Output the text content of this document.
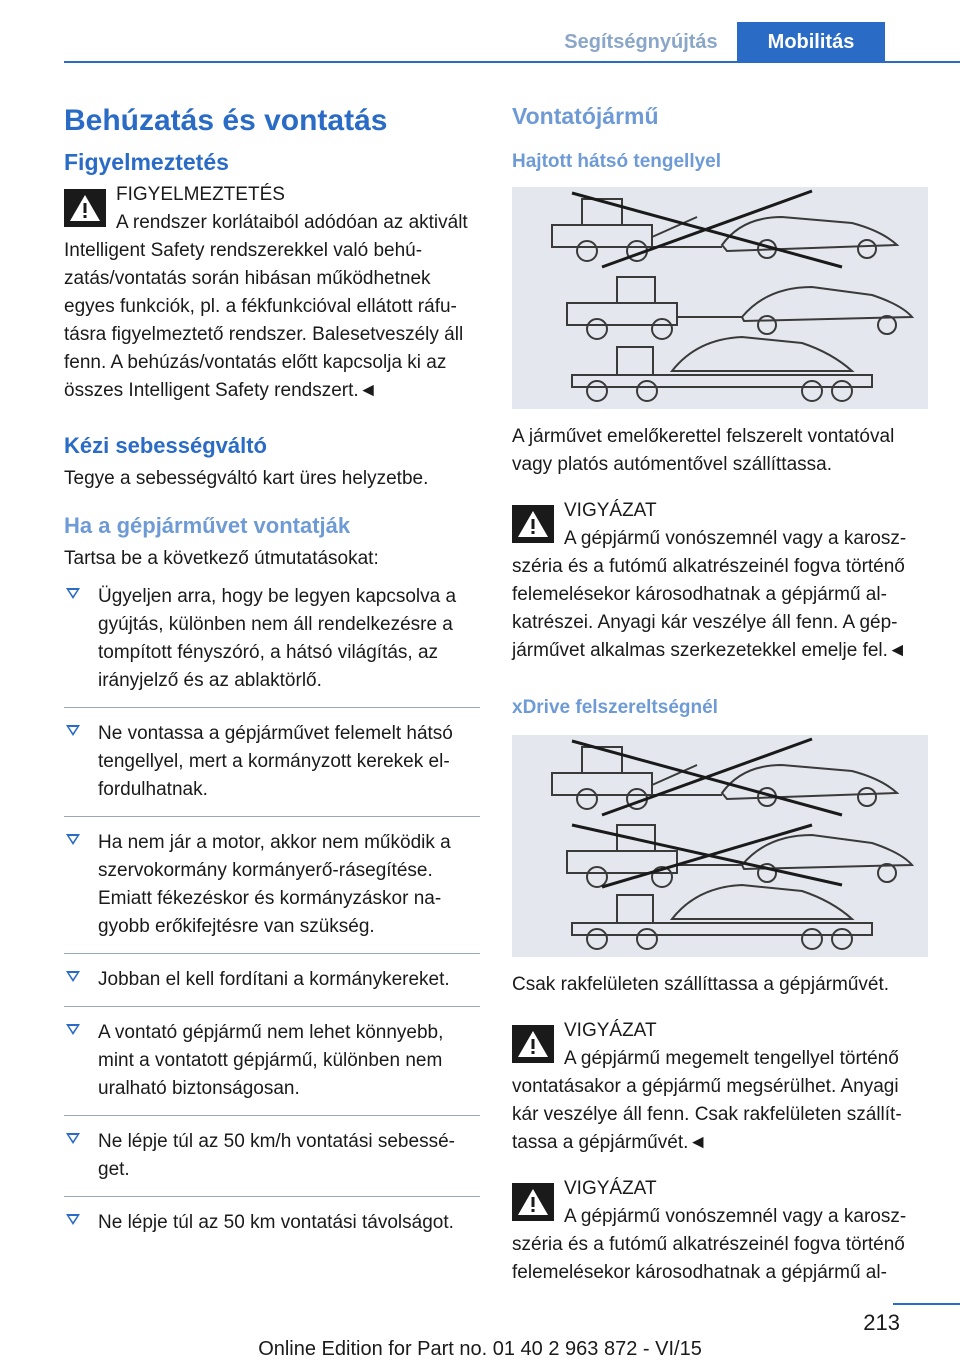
Segítségnyújtás	Mobilitás
Behúzatás és vontatás
Figyelmeztetés
FIGYELMEZTETÉS
A rendszer korlátaiból adódóan az aktivált Intelligent Safety rendszerekkel való behúzatás/vontatás során hibásan működhetnek egyes funkciók, pl. a fékfunkcióval ellátott ráfutásra figyelmeztető rendszer. Balesetveszély áll fenn. A behúzás/vontatás előtt kapcsolja ki az összes Intelligent Safety rendszert.◄
Kézi sebességváltó
Tegye a sebességváltó kart üres helyzetbe.
Ha a gépjárművet vontatják
Tartsa be a következő útmutatásokat:
Ügyeljen arra, hogy be legyen kapcsolva a gyújtás, különben nem áll rendelkezésre a tompított fényszóró, a hátsó világítás, az irányjelző és az ablaktörlő.
Ne vontassa a gépjárművet felemelt hátsó tengellyel, mert a kormányzott kerekek elfordulhatnak.
Ha nem jár a motor, akkor nem működik a szervokormány kormányerő-rásegítése. Emiatt fékezéskor és kormányzáskor nagyobb erőkifejtésre van szükség.
Jobban el kell fordítani a kormánykereket.
A vontató gépjármű nem lehet könnyebb, mint a vontatott gépjármű, különben nem uralható biztonságosan.
Ne lépje túl az 50 km/h vontatási sebességet.
Ne lépje túl az 50 km vontatási távolságot.
Vontatójármű
Hajtott hátsó tengellyel
A járművet emelőkerettel felszerelt vontatóval vagy platós autómentővel szállíttassa.
VIGYÁZAT
A gépjármű vonószemnél vagy a karoszszéria és a futómű alkatrészeinél fogva történő felemelésekor károsodhatnak a gépjármű alkatrészei. Anyagi kár veszélye áll fenn. A gépjárművet alkalmas szerkezetekkel emelje fel.◄
xDrive felszereltségnél
Csak rakfelületen szállíttassa a gépjárművét.
VIGYÁZAT
A gépjármű megemelt tengellyel történő vontatásakor a gépjármű megsérülhet. Anyagi kár veszélye áll fenn. Csak rakfelületen szállíttassa a gépjárművét.◄
VIGYÁZAT
A gépjármű vonószemnél vagy a karoszszéria és a futómű alkatrészeinél fogva történő felemelésekor károsodhatnak a gépjármű al-
213
Online Edition for Part no. 01 40 2 963 872 - VI/15
